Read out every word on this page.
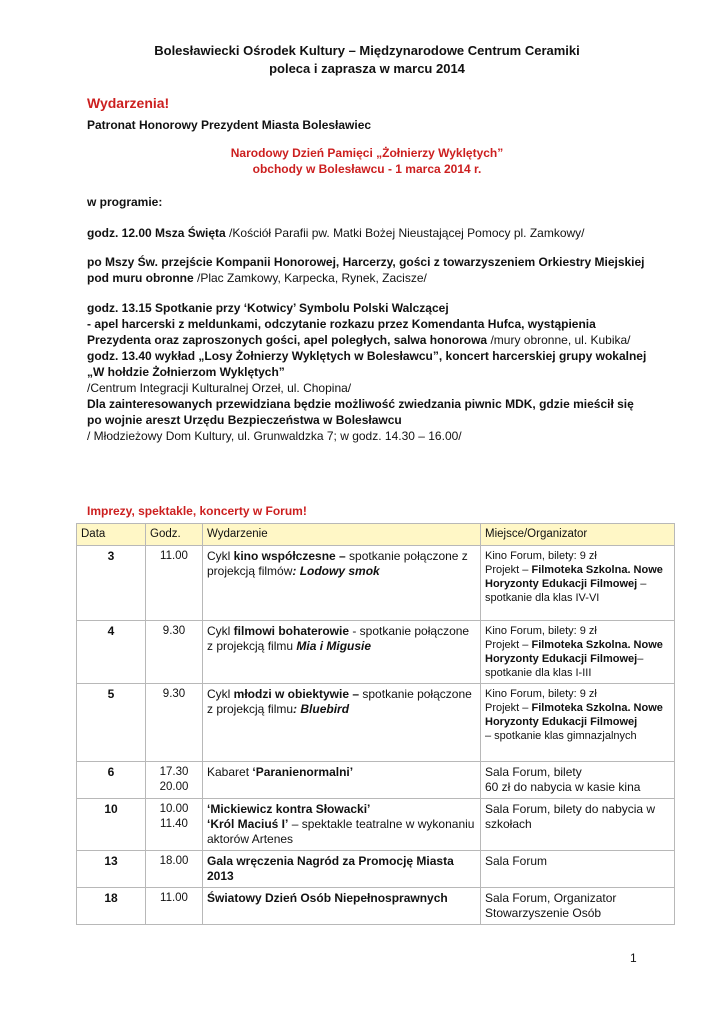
Bolesławiecki Ośrodek Kultury – Międzynarodowe Centrum Ceramiki

poleca i zaprasza w marcu 2014

Wydarzenia!

Patronat Honorowy Prezydent Miasta Bolesławiec

Narodowy Dzień Pamięci „Żołnierzy Wyklętych”

obchody w Bolesławcu - 1 marca 2014 r.

w programie:

godz. 12.00 Msza Święta /Kościół Parafii pw. Matki Bożej Nieustającej Pomocy pl. Zamkowy/

po Mszy Św. przejście Kompanii Honorowej, Harcerzy, gości z towarzyszeniem Orkiestry Miejskiej pod muru obronne /Plac Zamkowy, Karpecka, Rynek, Zacisze/

godz. 13.15 Spotkanie przy ‘Kotwicy’ Symbolu Polski Walczącej

- apel harcerski z meldunkami, odczytanie rozkazu przez Komendanta Hufca, wystąpienia Prezydenta oraz zaproszonych gości, apel poległych, salwa honorowa /mury obronne, ul. Kubika/

godz. 13.40 wykład „Losy Żołnierzy Wyklętych w Bolesławcu”, koncert harcerskiej grupy wokalnej „W hołdzie Żołnierzom Wyklętych”

/Centrum Integracji Kulturalnej Orzeł, ul. Chopina/

Dla zainteresowanych przewidziana będzie możliwość zwiedzania piwnic MDK, gdzie mieścił się po wojnie areszt Urzędu Bezpieczeństwa w Bolesławcu

/ Młodzieżowy Dom Kultury, ul. Grunwaldzka 7; w godz. 14.30 – 16.00/

Imprezy, spektakle, koncerty w Forum!

Data	Godz.	Wydarzenie	Miejsce/Organizator
3	11.00	Cykl kino współczesne – spotkanie połączone z projekcją filmów: Lodowy smok	Kino Forum, bilety: 9 zł
Projekt – Filmoteka Szkolna. Nowe Horyzonty Edukacji Filmowej – spotkanie dla klas IV-VI
4	9.30	Cykl filmowi bohaterowie - spotkanie połączone z projekcją filmu Mia i Migusie	Kino Forum, bilety: 9 zł
Projekt – Filmoteka Szkolna. Nowe Horyzonty Edukacji Filmowej– spotkanie dla klas I-III
5	9.30	Cykl młodzi w obiektywie – spotkanie połączone z projekcją filmu: Bluebird	Kino Forum, bilety: 9 zł
Projekt – Filmoteka Szkolna. Nowe Horyzonty Edukacji Filmowej
– spotkanie klas gimnazjalnych
6	17.30
20.00	Kabaret ‘Paranienormalni’	Sala Forum, bilety
60 zł do nabycia w kasie kina
10	10.00
11.40	‘Mickiewicz kontra Słowacki’
‘Król Maciuś I’ – spektakle teatralne w wykonaniu aktorów Artenes	Sala Forum, bilety do nabycia w szkołach
13	18.00	Gala wręczenia Nagród za Promocję Miasta 2013	Sala Forum
18	11.00	Światowy Dzień Osób Niepełnosprawnych	Sala Forum, Organizator
Stowarzyszenie Osób
1
